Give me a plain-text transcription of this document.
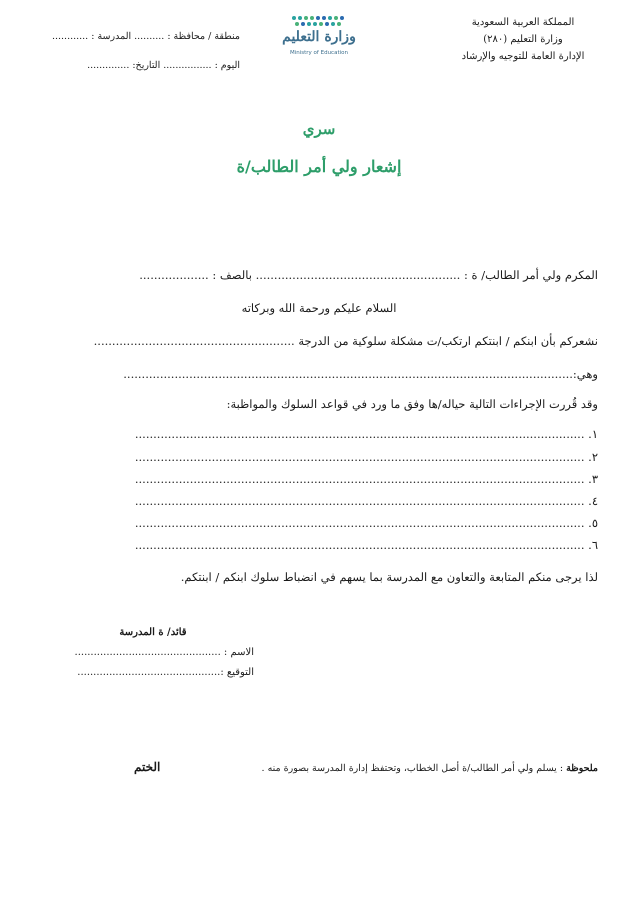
المملكة العربية السعودية
وزارة التعليم (٢٨٠)
الإدارة العامة للتوجيه والإرشاد
منطقة / محافظة : .......... المدرسة : ............
اليوم : ................ التاريخ: ..............
وزارة التعليم
Ministry of Education
سري
إشعار ولي أمر الطالب/ة
المكرم ولي أمر الطالب/ ة : ........................................................ بالصف : ...................
السلام عليكم ورحمة الله وبركاته
نشعركم بأن ابنكم / ابنتكم ارتكب/ت مشكلة سلوكية من الدرجة .......................................................
وهي:...........................................................................................................................
وقد قُررت الإجراءات التالية حياله/ها وفق ما ورد في قواعد السلوك والمواظبة:
١. ...........................................................................................................................
٢. ...........................................................................................................................
٣. ...........................................................................................................................
٤. ...........................................................................................................................
٥. ...........................................................................................................................
٦. ...........................................................................................................................
لذا يرجى منكم المتابعة والتعاون مع المدرسة بما يسهم في انضباط سلوك ابنكم / ابنتكم.
قائد/ ة المدرسة
الاسم : ..............................................
التوقيع :.............................................
ملحوظة : يسلم ولي أمر الطالب/ة أصل الخطاب، وتحتفظ إدارة المدرسة بصورة منه .
الختم
